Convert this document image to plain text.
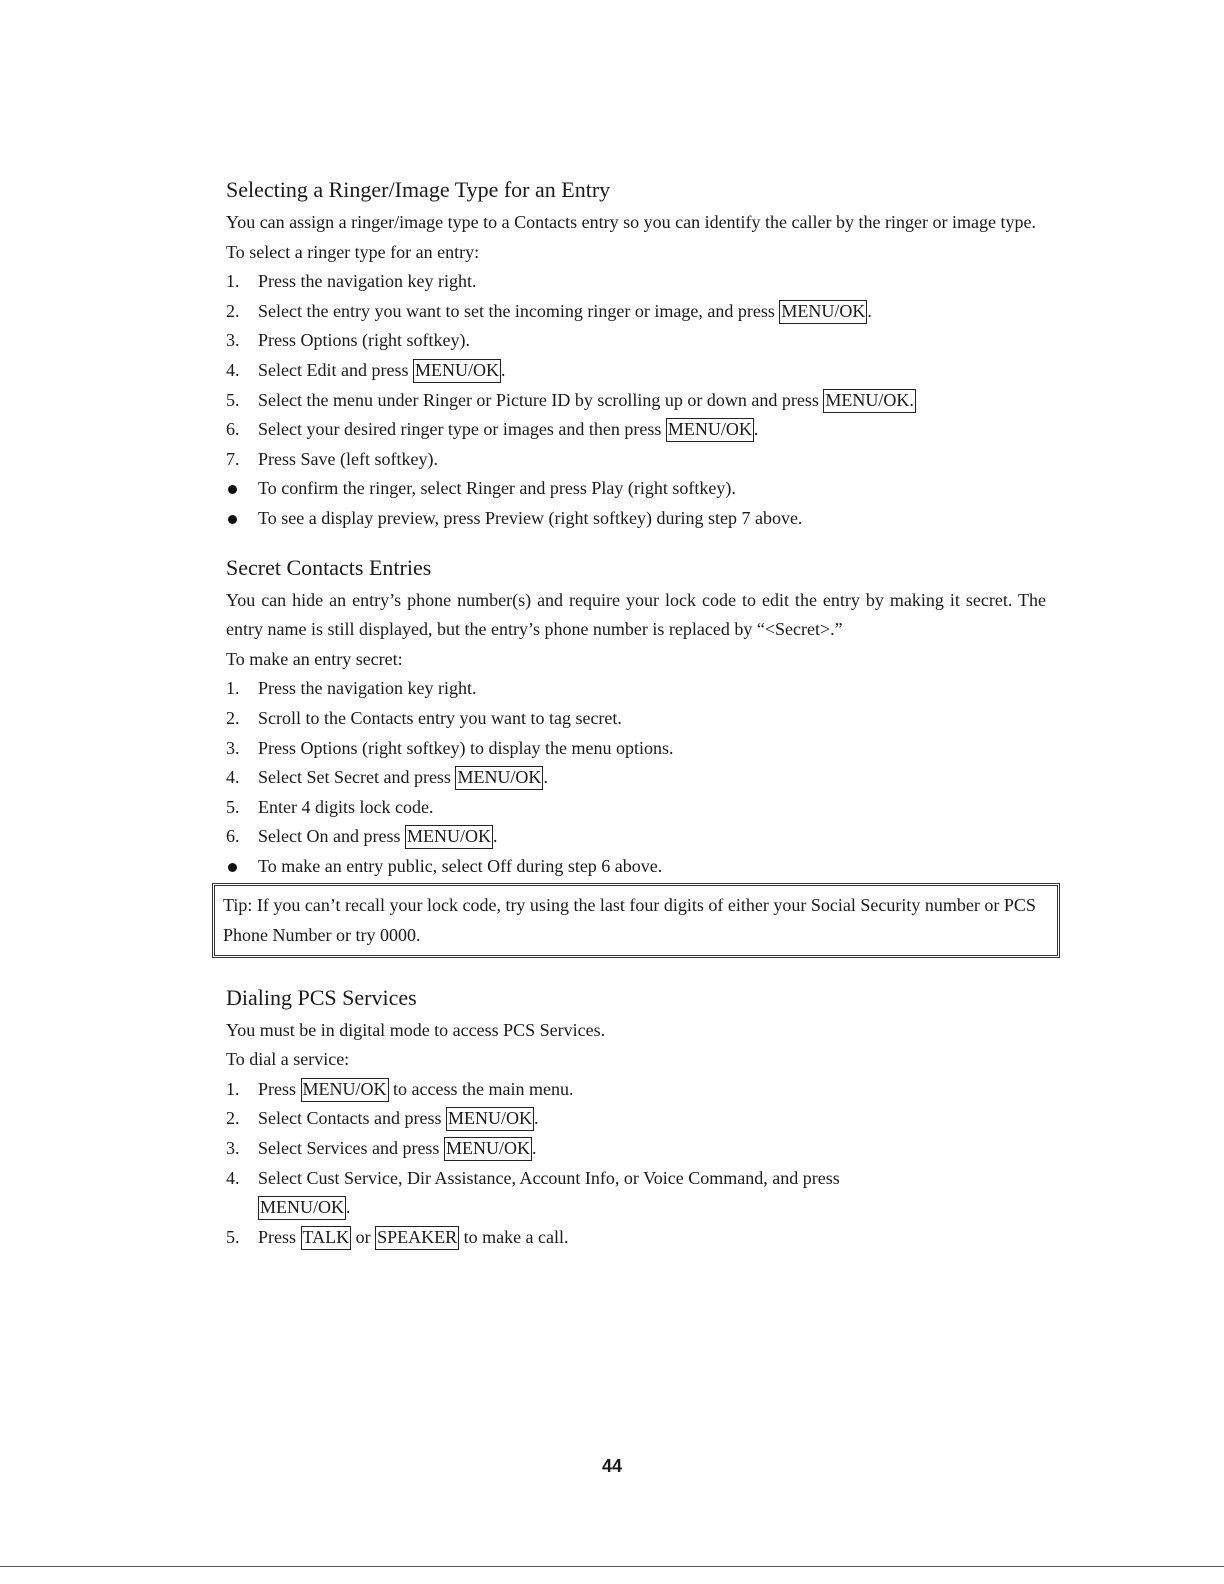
Selecting a Ringer/Image Type for an Entry

You can assign a ringer/image type to a Contacts entry so you can identify the caller by the ringer or image type.

To select a ringer type for an entry:

1. Press the navigation key right.
2. Select the entry you want to set the incoming ringer or image, and press MENU/OK .
3. Press Options (right softkey).
4. Select Edit and press MENU/OK .
5. Select the menu under Ringer or Picture ID by scrolling up or down and press MENU/OK.
6. Select your desired ringer type or images and then press MENU/OK .
7. Press Save (left softkey).
To confirm the ringer, select Ringer and press Play (right softkey).
To see a display preview, press Preview (right softkey) during step 7 above.
Secret Contacts Entries

You can hide an entry’s phone number(s) and require your lock code to edit the entry by making it secret. The entry name is still displayed, but the entry’s phone number is replaced by “<Secret>.”

To make an entry secret:

1. Press the navigation key right.
2. Scroll to the Contacts entry you want to tag secret.
3. Press Options (right softkey) to display the menu options.
4. Select Set Secret and press MENU/OK .
5. Enter 4 digits lock code.
6. Select On and press MENU/OK .
To make an entry public, select Off during step 6 above.

Tip: If you can’t recall your lock code, try using the last four digits of either your Social Security number or PCS Phone Number or try 0000.

Dialing PCS Services

You must be in digital mode to access PCS Services.

To dial a service:

1. Press MENU/OK to access the main menu.
2. Select Contacts and press MENU/OK .
3. Select Services and press MENU/OK .
4. Select Cust Service, Dir Assistance, Account Info, or Voice Command, and press
MENU/OK .
5. Press TALK or SPEAKER to make a call.
44
